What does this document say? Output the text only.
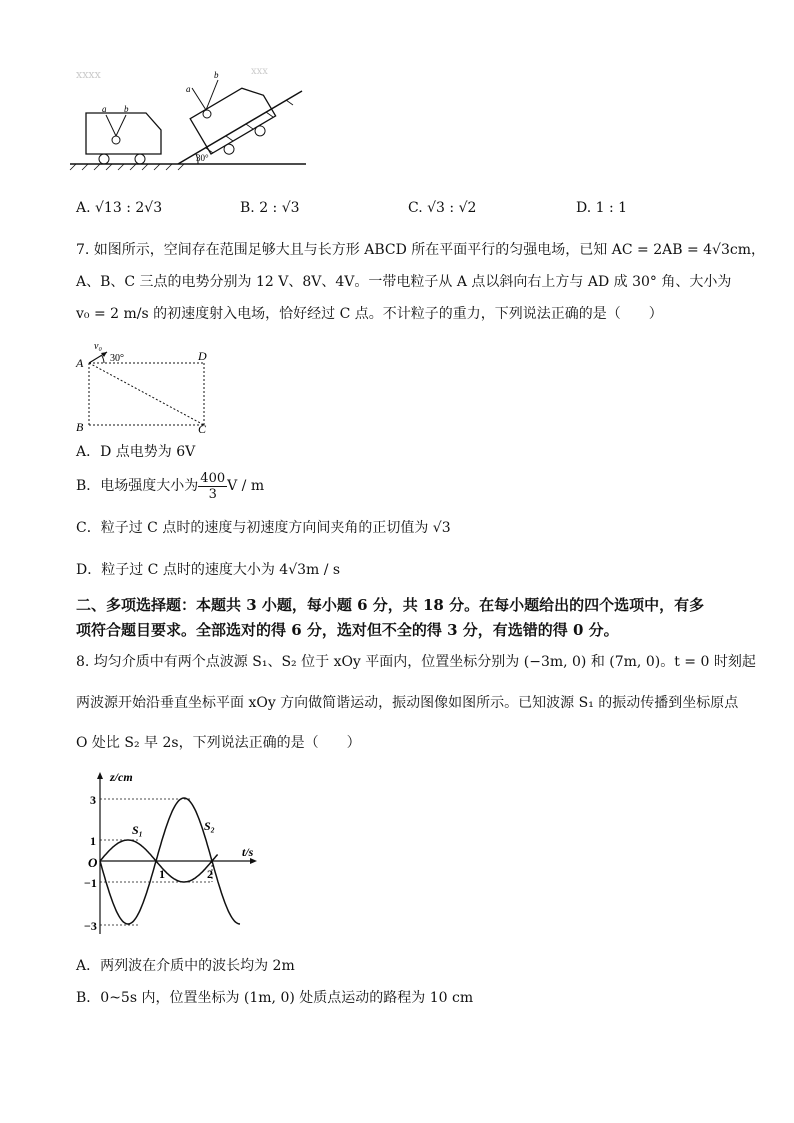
ⅹⅹⅹⅹ	ⅹⅹⅹ
a b
30°
a
b
A. √13 : 2√3	B. 2 : √3	C. √3 : √2	D. 1 : 1
7. 如图所示，空间存在范围足够大且与长方形 ABCD 所在平面平行的匀强电场，已知 AC = 2AB = 4√3cm，
A、B、C 三点的电势分别为 12 V、8V、4V。一带电粒子从 A 点以斜向右上方与 AD 成 30° 角、大小为
v₀ = 2 m/s 的初速度射入电场，恰好经过 C 点。不计粒子的重力，下列说法正确的是（　　）
A
B	C
D
v₀
30°
A．D 点电势为 6V
B．电场强度大小为 $\frac{400}{3}$ V / m
C．粒子过 C 点时的速度与初速度方向间夹角的正切值为 √3
D．粒子过 C 点时的速度大小为 4√3m / s
二、多项选择题：本题共 3 小题，每小题 6 分，共 18 分。在每小题给出的四个选项中，有多
项符合题目要求。全部选对的得 6 分，选对但不全的得 3 分，有选错的得 0 分。
8. 均匀介质中有两个点波源 S₁、S₂ 位于 xOy 平面内，位置坐标分别为 (−3m, 0) 和 (7m, 0)。t = 0 时刻起
两波源开始沿垂直坐标平面 xOy 方向做简谐运动，振动图像如图所示。已知波源 S₁ 的振动传播到坐标原点
O 处比 S₂ 早 2s，下列说法正确的是（　　）
z/cm
t/s
O
3
1
−1
−3
1	2
S₁	S₂
A．两列波在介质中的波长均为 2m
B．0~5s 内，位置坐标为 (1m, 0) 处质点运动的路程为 10 cm
